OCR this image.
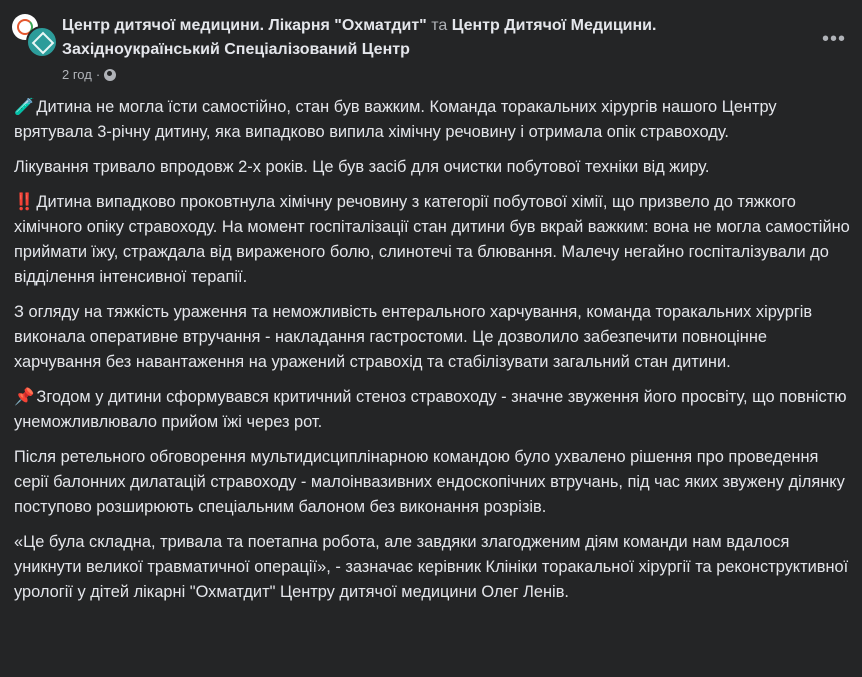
Центр дитячої медицини. Лікарня "Охматдит" та Центр Дитячої Медицини. Західноукраїнський Спеціалізований Центр
2 год ·
•••

🧪 Дитина не могла їсти самостійно, стан був важким. Команда торакальних хірургів нашого Центру врятувала 3-річну дитину, яка випадково випила хімічну речовину і отримала опік стравоходу.

Лікування тривало впродовж 2-х років. Це був засіб для очистки побутової техніки від жиру.

‼️ Дитина випадково проковтнула хімічну речовину з категорії побутової хімії, що призвело до тяжкого хімічного опіку стравоходу. На момент госпіталізації стан дитини був вкрай важким: вона не могла самостійно приймати їжу, страждала від вираженого болю, слинотечі та блювання. Малечу негайно госпіталізували до відділення інтенсивної терапії.

З огляду на тяжкість ураження та неможливість ентерального харчування, команда торакальних хірургів виконала оперативне втручання - накладання гастростоми. Це дозволило забезпечити повноцінне харчування без навантаження на уражений стравохід та стабілізувати загальний стан дитини.

📌 Згодом у дитини сформувався критичний стеноз стравоходу - значне звуження його просвіту, що повністю унеможливлювало прийом їжі через рот.

Після ретельного обговорення мультидисциплінарною командою було ухвалено рішення про проведення серії балонних дилатацій стравоходу - малоінвазивних ендоскопічних втручань, під час яких звужену ділянку поступово розширюють спеціальним балоном без виконання розрізів.

«Це була складна, тривала та поетапна робота, але завдяки злагодженим діям команди нам вдалося уникнути великої травматичної операції», - зазначає керівник Клініки торакальної хірургії та реконструктивної урології у дітей лікарні "Охматдит" Центру дитячої медицини Олег Ленів.
